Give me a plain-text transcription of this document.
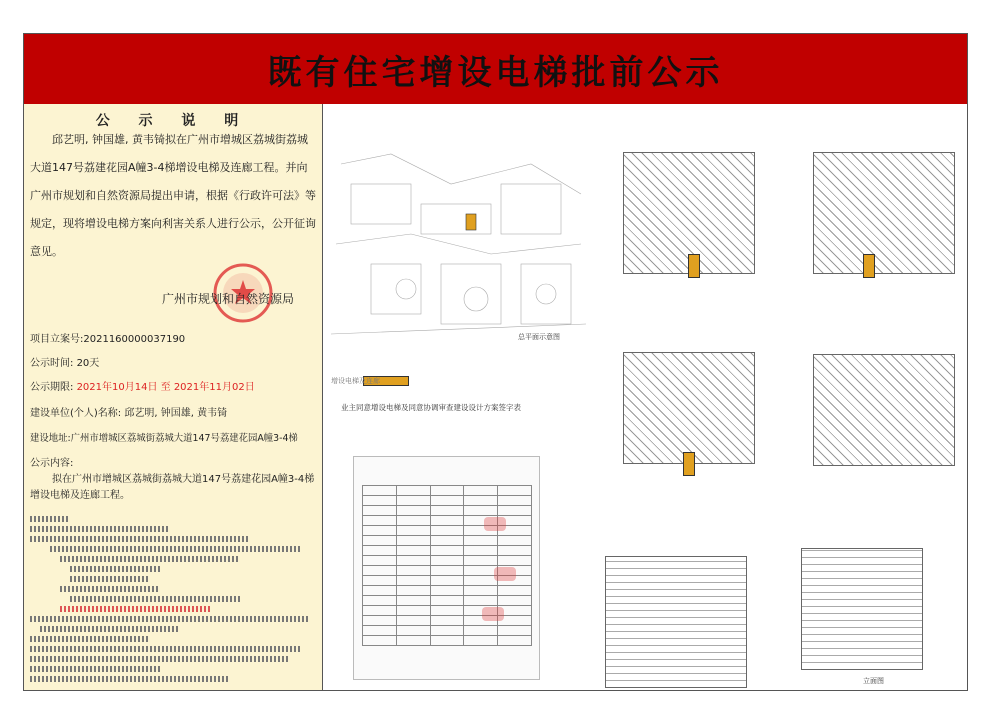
既有住宅增设电梯批前公示
公 示 说 明
邱艺明, 钟国雄, 黄韦锜拟在广州市增城区荔城街荔城大道147号荔建花园A幢3-4梯增设电梯及连廊工程。并向广州市规划和自然资源局提出申请，根据《行政许可法》等规定，现将增设电梯方案向利害关系人进行公示，公开征询意见。
广州市规划和自然资源局
项目立案号:2021160000037190
公示时间: 20天
公示期限: 2021年10月14日 至 2021年11月02日
建设单位(个人)名称: 邱艺明, 钟国雄, 黄韦锜
建设地址:广州市增城区荔城街荔城大道147号荔建花园A幢3-4梯
公示内容:
拟在广州市增城区荔城街荔城大道147号荔建花园A幢3-4梯增设电梯及连廊工程。
总平面示意图
增设电梯及连廊
业主同意增设电梯及同意协调审查建设设计方案签字表

立面图
